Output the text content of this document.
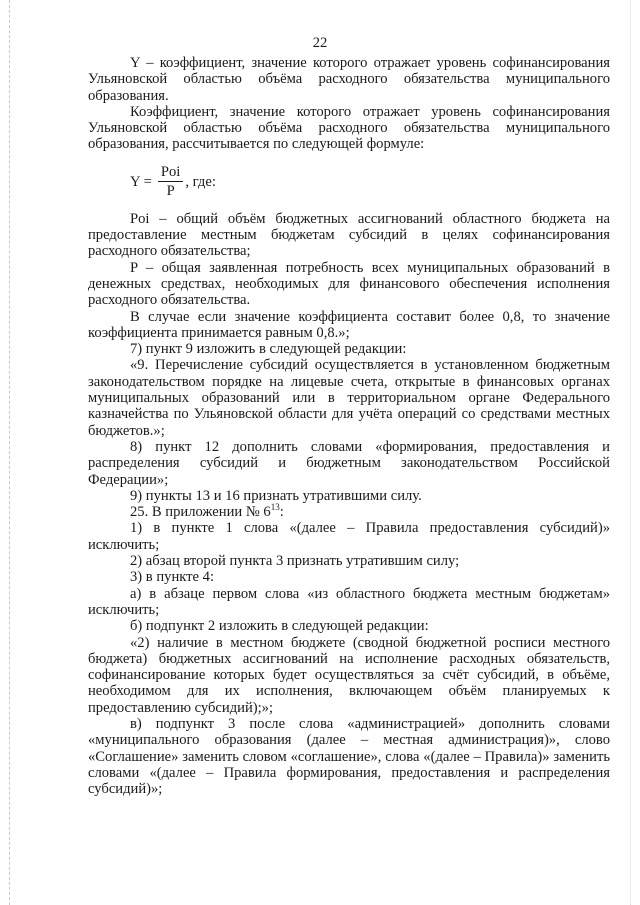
22

Y – коэффициент, значение которого отражает уровень софинансирования Ульяновской областью объёма расходного обязательства муниципального образования.

Коэффициент, значение которого отражает уровень софинансирования Ульяновской областью объёма расходного обязательства муниципального образования, рассчитывается по следующей формуле:

$Y = \frac{\text{Poi}}{P}$ , где:

Poi – общий объём бюджетных ассигнований областного бюджета на предоставление местным бюджетам субсидий в целях софинансирования расходного обязательства;

P – общая заявленная потребность всех муниципальных образований в денежных средствах, необходимых для финансового обеспечения исполнения расходного обязательства.

В случае если значение коэффициента составит более 0,8, то значение коэффициента принимается равным 0,8.»;

7) пункт 9 изложить в следующей редакции:

«9. Перечисление субсидий осуществляется в установленном бюджетным законодательством порядке на лицевые счета, открытые в финансовых органах муниципальных образований или в территориальном органе Федерального казначейства по Ульяновской области для учёта операций со средствами местных бюджетов.»;

8) пункт 12 дополнить словами «формирования, предоставления и распределения субсидий и бюджетным законодательством Российской Федерации»;

9) пункты 13 и 16 признать утратившими силу.

25. В приложении № $6^{13}$:

1) в пункте 1 слова «(далее – Правила предоставления субсидий)» исключить;

2) абзац второй пункта 3 признать утратившим силу;

3) в пункте 4:

а) в абзаце первом слова «из областного бюджета местным бюджетам» исключить;

б) подпункт 2 изложить в следующей редакции:

«2) наличие в местном бюджете (сводной бюджетной росписи местного бюджета) бюджетных ассигнований на исполнение расходных обязательств, софинансирование которых будет осуществляться за счёт субсидий, в объёме, необходимом для их исполнения, включающем объём планируемых к предоставлению субсидий);»;

в) подпункт 3 после слова «администрацией» дополнить словами «муниципального образования (далее – местная администрация)», слово «Соглашение» заменить словом «соглашение», слова «(далее – Правила)» заменить словами «(далее – Правила формирования, предоставления и распределения субсидий)»;
